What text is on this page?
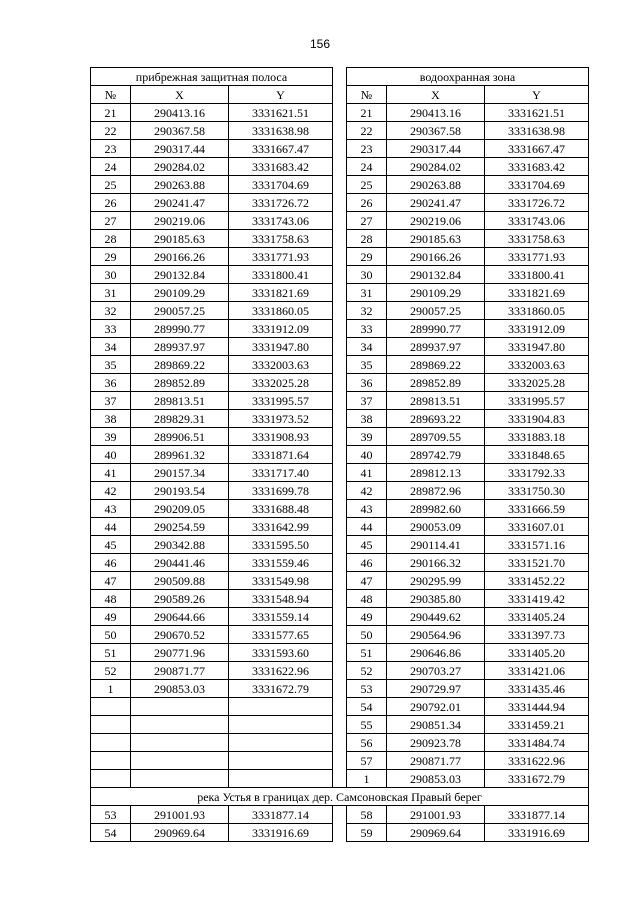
156
прибрежная защитная полоса				водоохранная зона		
№	X	Y		№	X	Y
21	290413.16	3331621.51		21	290413.16	3331621.51
22	290367.58	3331638.98		22	290367.58	3331638.98
23	290317.44	3331667.47		23	290317.44	3331667.47
24	290284.02	3331683.42		24	290284.02	3331683.42
25	290263.88	3331704.69		25	290263.88	3331704.69
26	290241.47	3331726.72		26	290241.47	3331726.72
27	290219.06	3331743.06		27	290219.06	3331743.06
28	290185.63	3331758.63		28	290185.63	3331758.63
29	290166.26	3331771.93		29	290166.26	3331771.93
30	290132.84	3331800.41		30	290132.84	3331800.41
31	290109.29	3331821.69		31	290109.29	3331821.69
32	290057.25	3331860.05		32	290057.25	3331860.05
33	289990.77	3331912.09		33	289990.77	3331912.09
34	289937.97	3331947.80		34	289937.97	3331947.80
35	289869.22	3332003.63		35	289869.22	3332003.63
36	289852.89	3332025.28		36	289852.89	3332025.28
37	289813.51	3331995.57		37	289813.51	3331995.57
38	289829.31	3331973.52		38	289693.22	3331904.83
39	289906.51	3331908.93		39	289709.55	3331883.18
40	289961.32	3331871.64		40	289742.79	3331848.65
41	290157.34	3331717.40		41	289812.13	3331792.33
42	290193.54	3331699.78		42	289872.96	3331750.30
43	290209.05	3331688.48		43	289982.60	3331666.59
44	290254.59	3331642.99		44	290053.09	3331607.01
45	290342.88	3331595.50		45	290114.41	3331571.16
46	290441.46	3331559.46		46	290166.32	3331521.70
47	290509.88	3331549.98		47	290295.99	3331452.22
48	290589.26	3331548.94		48	290385.80	3331419.42
49	290644.66	3331559.14		49	290449.62	3331405.24
50	290670.52	3331577.65		50	290564.96	3331397.73
51	290771.96	3331593.60		51	290646.86	3331405.20
52	290871.77	3331622.96		52	290703.27	3331421.06
1	290853.03	3331672.79		53	290729.97	3331435.46
				54	290792.01	3331444.94
				55	290851.34	3331459.21
				56	290923.78	3331484.74
				57	290871.77	3331622.96
				1	290853.03	3331672.79
река Устья в границах дер. Самсоновская Правый берег						
53	291001.93	3331877.14		58	291001.93	3331877.14
54	290969.64	3331916.69		59	290969.64	3331916.69
